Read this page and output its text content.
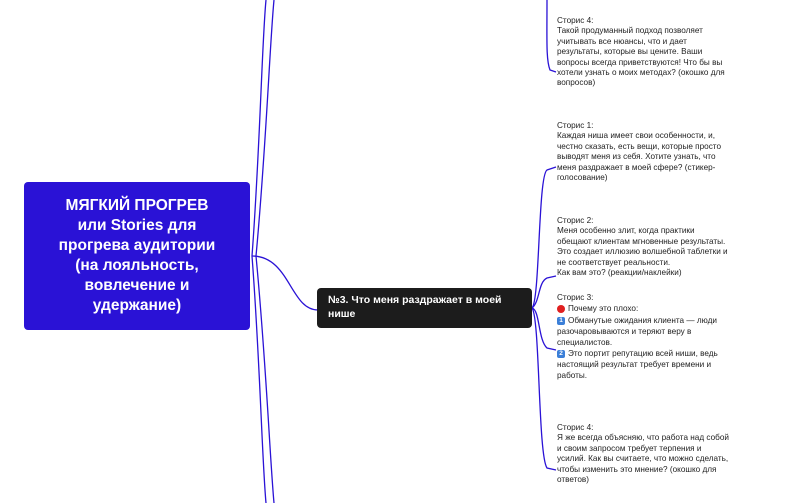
МЯГКИЙ ПРОГРЕВ
или Stories для
прогрева аудитории
(на лояльность,
вовлечение и
удержание)	№3. Что меня раздражает в моей нише
Сторис 4:
Такой продуманный подход позволяет
учитывать все нюансы, что и дает
результаты, которые вы цените. Ваши
вопросы всегда приветствуются! Что бы вы
хотели узнать о моих методах? (окошко для
вопросов)
Сторис 1:
Каждая ниша имеет свои особенности, и,
честно сказать, есть вещи, которые просто
выводят меня из себя. Хотите узнать, что
меня раздражает в моей сфере? (стикер-
голосование)
Сторис 2:
Меня особенно злит, когда практики
обещают клиентам мгновенные результаты.
Это создает иллюзию волшебной таблетки и
не соответствует реальности.
Как вам это? (реакции/наклейки)
Сторис 3:
Почему это плохо:
1 Обманутые ожидания клиента — люди
разочаровываются и теряют веру в
специалистов.
2 Это портит репутацию всей ниши, ведь
настоящий результат требует времени и
работы.
Сторис 4:
Я же всегда объясняю, что работа над собой
и своим запросом требует терпения и
усилий. Как вы считаете, что можно сделать,
чтобы изменить это мнение? (окошко для
ответов)
